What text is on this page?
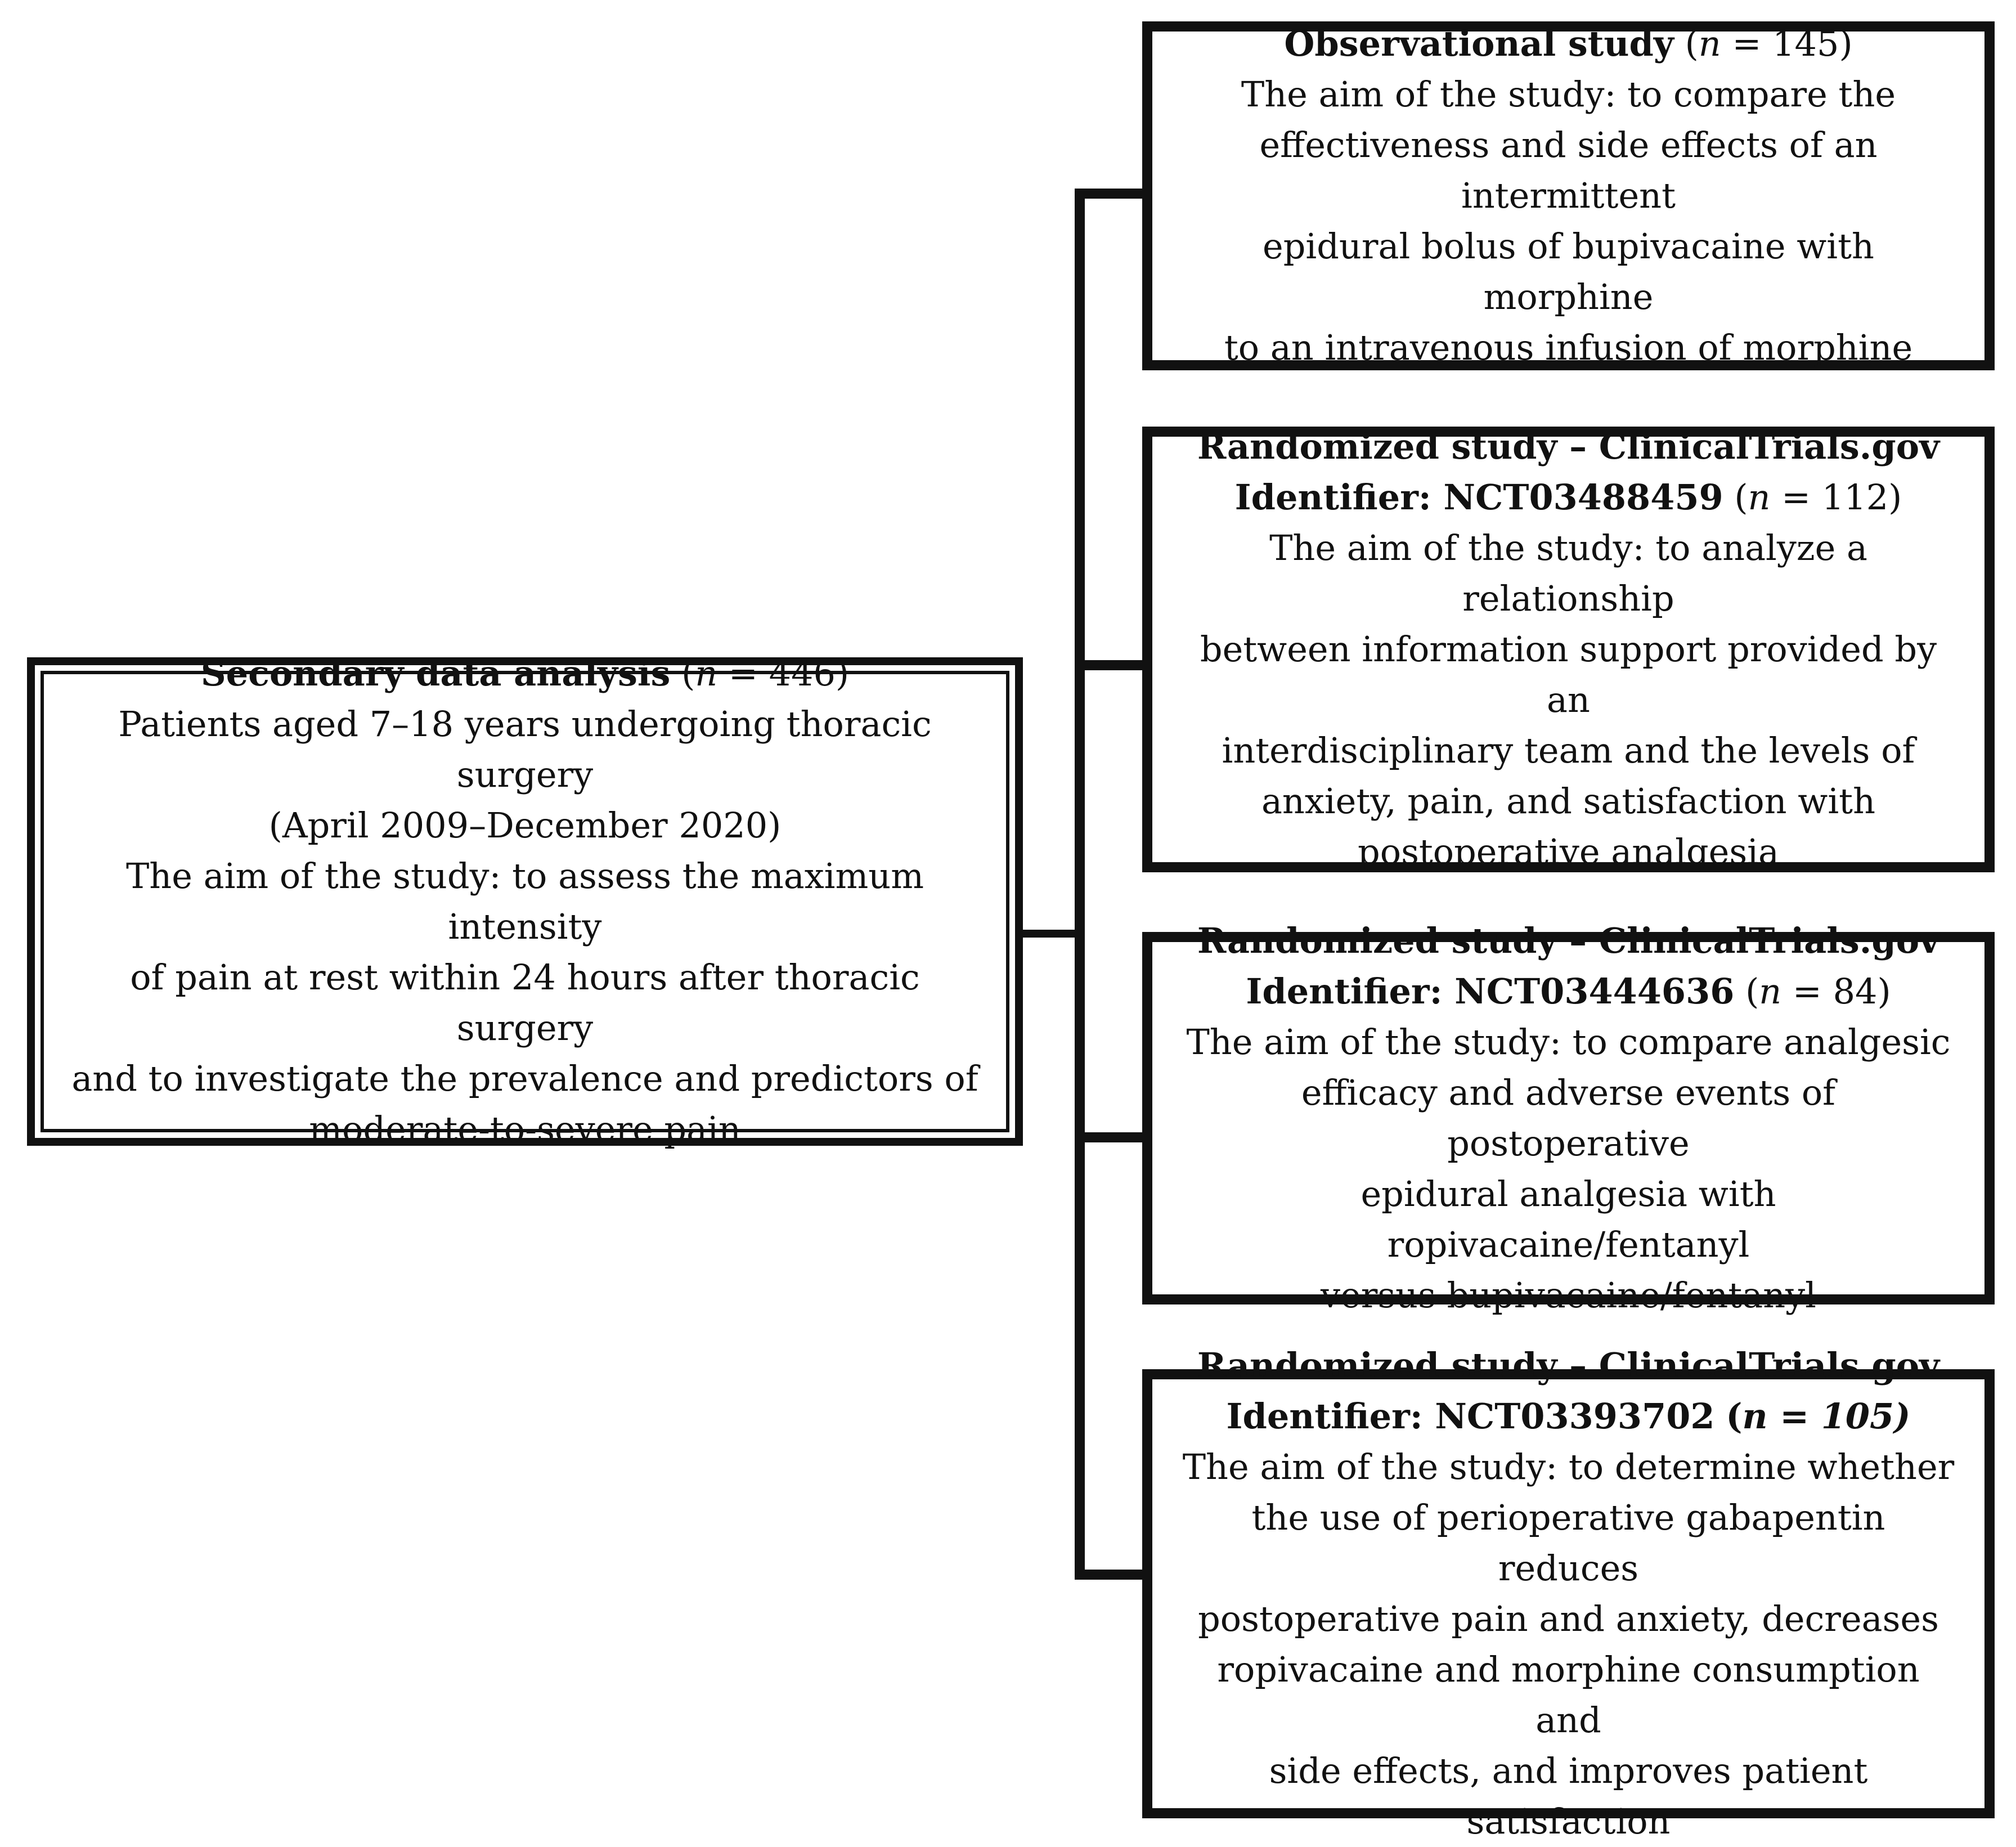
Secondary data analysis (n = 446)

Patients aged 7–18 years undergoing thoracic surgery

(April 2009–December 2020)

The aim of the study: to assess the maximum intensity

of pain at rest within 24 hours after thoracic surgery

and to investigate the prevalence and predictors of

moderate-to-severe pain

Observational study (n = 145)

The aim of the study: to compare the

effectiveness and side effects of an intermittent

epidural bolus of bupivacaine with morphine

to an intravenous infusion of morphine

Randomized study – ClinicalTrials.gov

Identifier: NCT03488459 (n = 112)

The aim of the study: to analyze a relationship

between information support provided by an

interdisciplinary team and the levels of

anxiety, pain, and satisfaction with

postoperative analgesia

Randomized study – ClinicalTrials.gov

Identifier: NCT03444636 (n = 84)

The aim of the study: to compare analgesic

efficacy and adverse events of postoperative

epidural analgesia with ropivacaine/fentanyl

versus bupivacaine/fentanyl

Randomized study – ClinicalTrials.gov

Identifier: NCT03393702 (n = 105)

The aim of the study: to determine whether

the use of perioperative gabapentin reduces

postoperative pain and anxiety, decreases

ropivacaine and morphine consumption and

side effects, and improves patient satisfaction
